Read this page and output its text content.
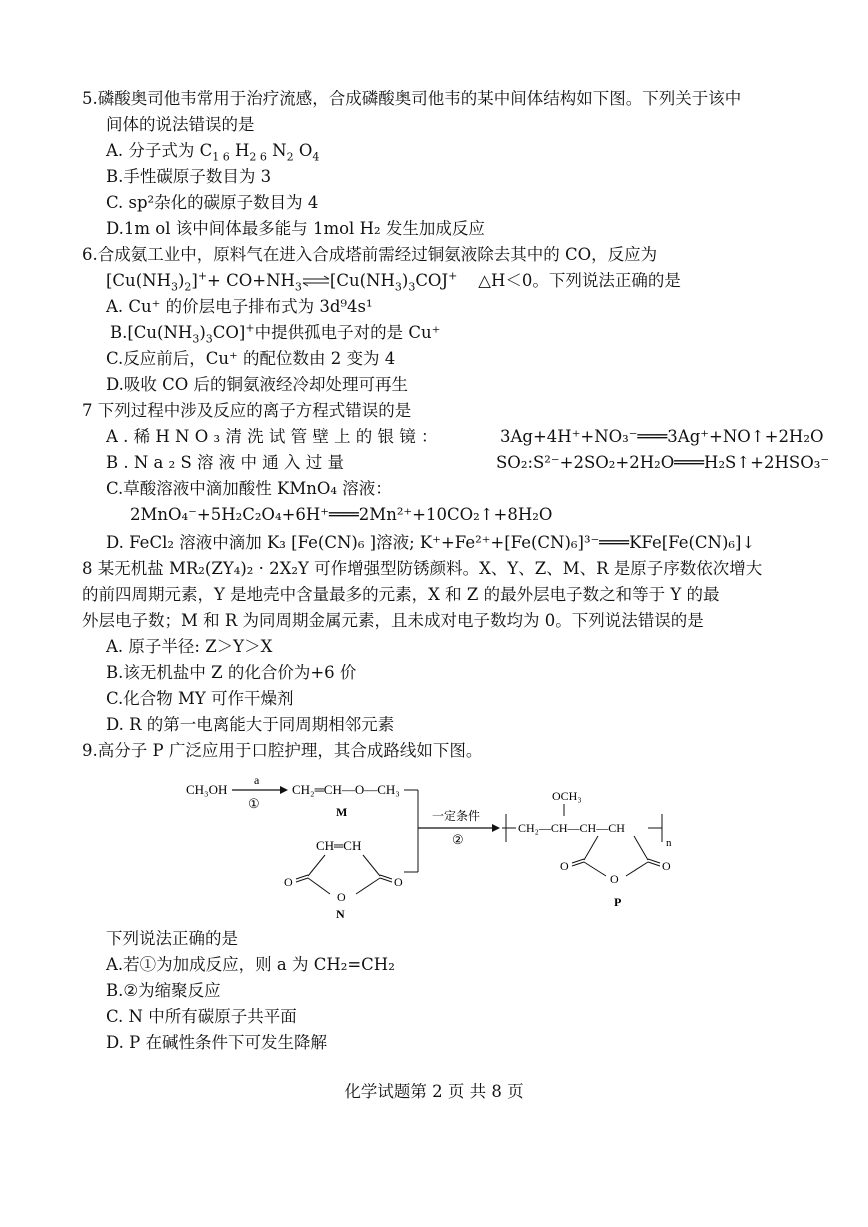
5.磷酸奥司他韦常用于治疗流感，合成磷酸奥司他韦的某中间体结构如下图。下列关于该中
间体的说法错误的是
A. 分子式为 $C_{1 6}$ $H_{2 6}$ $N_2$ $O_4$
B.手性碳原子数目为 3
C. sp²杂化的碳原子数目为 4
D.1m ol 该中间体最多能与 1mol H₂ 发生加成反应
6.合成氨工业中，原料气在进入合成塔前需经过铜氨液除去其中的 CO，反应为
$[Cu(NH_3)_2]^++$ $CO+NH_3\rightleftharpoons[Cu(NH_3)_3COJ^+$    △H＜0。下列说法正确的是
A. Cu⁺ 的价层电子排布式为 3d⁹4s¹
$B.[Cu(NH_3)_3CO]^+$中提供孤电子对的是 Cu⁺
C.反应前后，Cu⁺ 的配位数由 2 变为 4
D.吸收 CO 后的铜氨液经冷却处理可再生
7 下列过程中涉及反应的离子方程式错误的是
A . 稀 H N O ₃ 清 洗 试 管 壁 上 的 银 镜 ：	3Ag+4H⁺+NO₃⁻═══3Ag⁺+NO↑+2H₂O
B . N a ₂ S 溶 液 中 通 入 过 量	SO₂:S²⁻+2SO₂+2H₂O═══H₂S↑+2HSO₃⁻
C.草酸溶液中滴加酸性 KMnO₄ 溶液：
2MnO₄⁻+5H₂C₂O₄+6H⁺═══2Mn²⁺+10CO₂↑+8H₂O
D. FeCl₂ 溶液中滴加 K₃ [Fe(CN)₆ ]溶液; K⁺+Fe²⁺+[Fe(CN)₆]³⁻═══KFe[Fe(CN)₆]↓
8 某无机盐 MR₂(ZY₄)₂ · 2X₂Y 可作增强型防锈颜料。X、Y、Z、M、R 是原子序数依次增大
的前四周期元素，Y 是地壳中含量最多的元素，X 和 Z 的最外层电子数之和等于 Y 的最
外层电子数；M 和 R 为同周期金属元素，且未成对电子数均为 0。下列说法错误的是
A. 原子半径: Z＞Y＞X
B.该无机盐中 Z 的化合价为+6 价
C.化合物 MY 可作干燥剂
D. R 的第一电离能大于同周期相邻元素
9.高分子 P 广泛应用于口腔护理，其合成路线如下图。
CH₃OH
a
①
CH₂═CH—O—CH₃
M
CH═CH
O
O	O
N
一定条件
②
CH₂—CH—CH—CH
n
OCH₃
O
O	O
P
下列说法正确的是
A.若①为加成反应，则 a 为 CH₂=CH₂
B.②为缩聚反应
C. N 中所有碳原子共平面
D. P 在碱性条件下可发生降解
化学试题第 2 页 共 8 页
